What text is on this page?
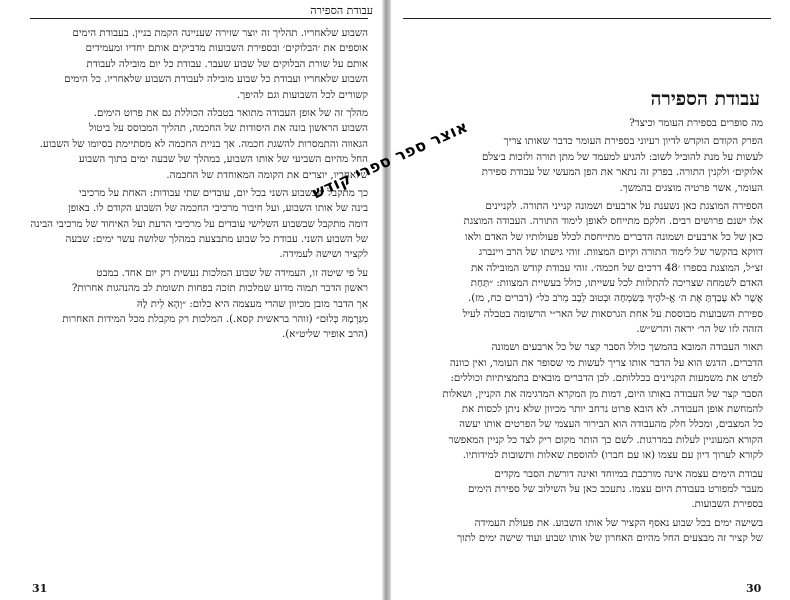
עבודת הספירה
השבוע שלאחריו. תהליך זה יוצר שזירה שעניינה הקמת בניין. בעבודת הימים
אוספים את ׳הבלוקים׳ ובספירת השבועות מדביקים אותם יחדיו ומעמידים
אותם על שורת הבלוקים של שבוע שעבר. עבודת כל יום מובילה לעבודת
השבוע שלאחריו ועבודת כל שבוע מובילה לעבודת השבוע שלאחריו. כל הימים
קשורים לכל השבועות וגם להיפך.
מהלך זה של אופן העבודה מתואר בטבלה הכוללת גם את פרוט הימים.
השבוע הראשון בונה את היסודות של החכמה, תהליך המבוסס על ביטול
הגאווה והתמסרות להשגת חכמה. אך בניית החכמה לא מסתיימת בסיומו של השבוע.
החל מהיום השביעי של אותו השבוע, במהלך של שבעה ימים בתוך השבוע
שלאחריו, יוצרים את הקומה המאוחדת של החכמה.
כך מתקבל שבשבוע השני בכל יום, עובדים שתי עבודות: האחת על מרכיבי
בינה של אותו השבוע, ועל חיבור מרכיבי החכמה של השבוע הקודם לו. באופן
דומה מתקבל שבשבוע השלישי עובדים על מרכיבי הדעת ועל האיחוד של מרכיבי הבינה
של השבוע השני. עבודת כל שבוע מתבצעת במהלך שלושה עשר ימים: שבעה
לקציר ושישה לעמידה.
על פי שיטה זו, העמידה של שבוע המלכות נעשית רק יום אחד. במבט
ראשון הדבר תמוה מדוע שמלכות תזכה בפחות תשומת לב מהנהגות אחרות?
אך הדבר מובן מכיוון שהרי מעצמה היא כלום: ״וְהָא לֵית לָהּ
מִגַּרְמָהּ כְּלוּם״ (זוהר בראשית קסא.). המלכות רק מקבלת מכל המידות האחרות
(הרב אופיר שליט״א).
31
עבודת הספירה
מה סופרים בספירת העומר וכיצד?
הפרק הקודם הוקדש לדיון רעיוני בספירת העומר כדבר שאותו צריך
לעשות על מנת להוביל לשוב: להגיע למעמד של מתן תורה ולזכות ב׳צלם
אלוקים׳ ולקנין התורה. בפרק זה נתאר את הפן המעשי של עבודת ספירת
העומר, אשר פרטיה מוצגים בהמשך.
הספירה המוצגת כאן נשענת על ארבעים ושמונה קנייני התורה. לקניינים
אלו ישנם פרושים רבים. חלקם מתייחס לאופן לימוד התורה. העבודה המוצגת
כאן של כל ארבעים ושמונה הדברים מתייחסת לכלל פעולותיו של האדם ולאו
דווקא בהקשר של לימוד התורה וקיום המצוות. זוהי גישתו של הרב ויינברג
זצ״ל, המוצגת בספרו ׳48 דרכים של חכמה׳. זוהי עבודת קודש המובילה את
האדם לשמחה שצריכה להתלוות לכל עשייתו, כולל בעשיית המצוות: ״תַּחַת
אֲשֶׁר לֹא עָבַדְתָּ אֶת ה׳ אֱ-לֹהֶיךָ בְּשִׂמְחָה וּבְטוּב לֵבָב מֵרֹב כֹּל״ (דברים כח, מז).
ספירת השבועות מבוססת על אחת הגרסאות של האר״י הרשומה בטבלה לעיל
הזהה לזו של הר׳ יראה והרש״ש.
תאור העבודה המובא בהמשך כולל הסבר קצר של כל ארבעים ושמונה
הדברים. הדגש הוא על הדבר אותו צריך לעשות מי שסופר את העומר, ואין כוונה
לפרט את משמעות הקניינים בכללותם. לכן הדברים מובאים בתמציתיות וכוללים:
הסבר קצר של העבודה באותו היום, דמות מן המקרא המדגימה את הקניין, ושאלות
להמחשת אופן העבודה. לא הובא פרוט נרחב יותר מכיוון שלא ניתן לכסות את
כל המצבים, ומכלל חלק מהעבודה הוא הבירור העצמי של הפרטים אותו יעשה
הקורא המעוניין לעלות במדרגות. לשם כך הותר מקום ריק לצד כל קניין המאפשר
לקורא לערוך דיון עם עצמו (או עם חברו) להוספת שאלות ותשובות למידותיו.
עבודת הימים עצמה אינה מורכבת במיוחד ואינה דורשת הסבר מקדים
מעבר למפורט בעבודת היום עצמו. נתעכב כאן על השילוב של ספירת הימים
בספירת השבועות.
בשישה ימים בכל שבוע נאסף הקציר של אותו השבוע. את פעולת העמידה
של קציר זה מבצעים החל מהיום האחרון של אותו שבוע ועוד שישה ימים לתוך
30
אוצר ספר ספרי קודש
